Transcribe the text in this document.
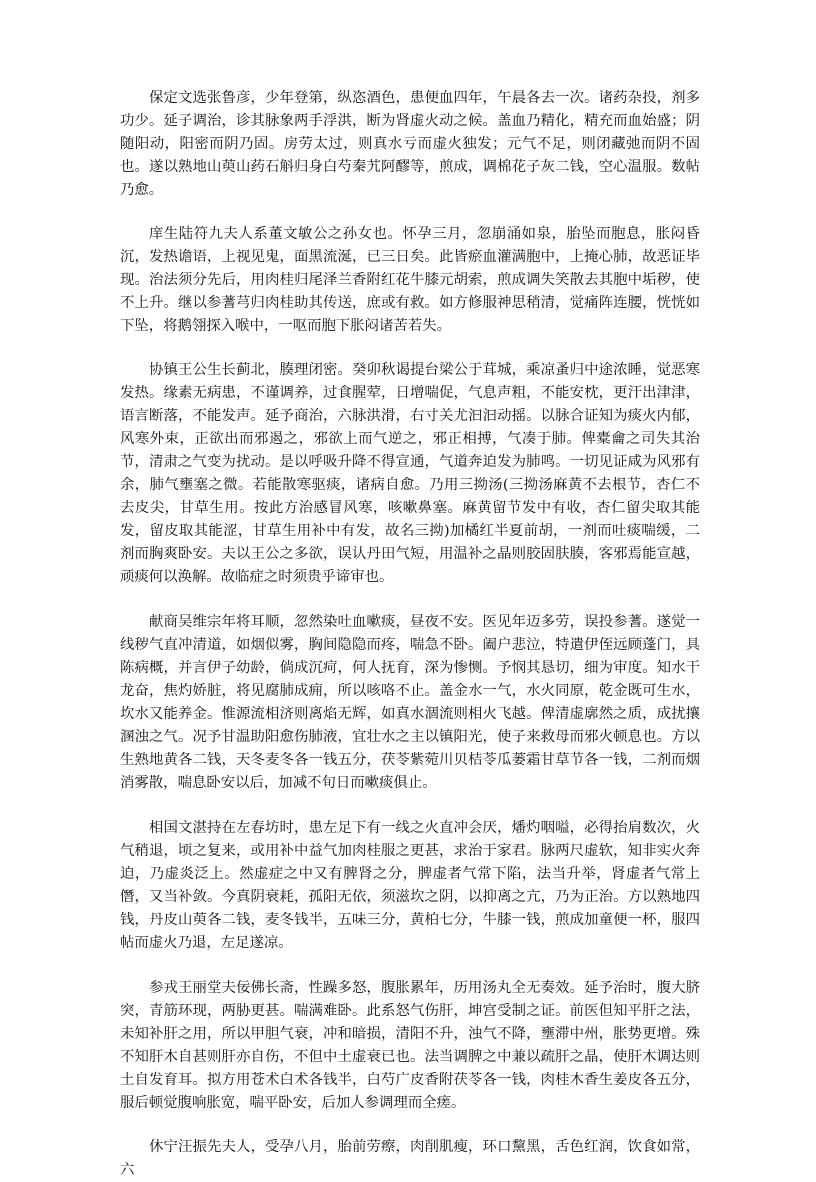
保定文选张鲁彦，少年登第，纵恣酒色，患便血四年，午晨各去一次。诸药杂投，剂多功少。延子调治，诊其脉象两手浮洪，断为肾虚火动之候。盖血乃精化，精充而血始盛；阴随阳动，阳密而阴乃固。房劳太过，则真水亏而虚火独发；元气不足，则闭藏弛而阴不固也。遂以熟地山萸山药石斛归身白芍秦艽阿醪等，煎成，调棉花子灰二钱，空心温服。数帖乃愈。

庠生陆符九夫人系董文敏公之孙女也。怀孕三月，忽崩涌如泉，胎坠而胞息，胀闷昏沉，发热谵语，上视见鬼，面黑流涎，已三日矣。此皆瘀血灌满胞中，上掩心肺，故恶证毕现。治法须分先后，用肉桂归尾泽兰香附红花牛膝元胡索，煎成调失笑散去其胞中垢秽，使不上升。继以参蓍芎归肉桂助其传送，庶或有救。如方修服神思稍清，觉痛阵连腰，恍恍如下坠，将鹅翎探入喉中，一呕而胞下胀闷诸苦若失。

协镇王公生长蓟北，腠理闭密。癸卯秋谒提台梁公于茸城，乘凉蚤归中途浓睡，觉恶寒发热。缘素无病患，不谨调养，过食腥荤，日增喘促，气息声粗，不能安枕，更汗出津津，语言断落，不能发声。延予商治，六脉洪滑，右寸关尤汩汩动摇。以脉合证知为痰火内郁，风寒外束，正欲出而邪遏之，邪欲上而气逆之，邪正相搏，气凑于肺。俾橐龠之司失其治节，清肃之气变为扰动。是以呼吸升降不得宣通，气道奔迫发为肺鸣。一切见证咸为风邪有余，肺气壅塞之微。若能散寒驱痰，诸病自愈。乃用三拗汤(三拗汤麻黄不去根节，杏仁不去皮尖，甘草生用。按此方治感冒风寒，咳嗽鼻塞。麻黄留节发中有收，杏仁留尖取其能发，留皮取其能涩，甘草生用补中有发，故名三拗)加橘红半夏前胡，一剂而吐痰喘缓，二剂而胸爽卧安。夫以王公之多欲，误认丹田气短，用温补之晶则胶固肤腠，客邪焉能宣越，顽痰何以涣解。故临症之时须贵乎谛审也。

献商吴维宗年将耳顺，忽然染吐血嗽痰，昼夜不安。医见年迈多劳，误投参蓍。遂觉一线秽气直冲清道，如烟似雾，胸间隐隐而疼，喘急不卧。阖户悲泣，特遣伊侄远顾蓬门，具陈病概，并言伊子幼龄，倘成沉疴，何人抚育，深为惨恻。予悯其恳切，细为审度。知水干龙奋，焦灼娇脏，将见腐肺成痈，所以咳咯不止。盖金水一气，水火同原，乾金既可生水，坎水又能养金。惟源流相济则离焰无辉，如真水涸流则相火飞越。俾清虚廓然之质，成扰攘溷浊之气。况予甘温助阳愈伤肺液，宜壮水之主以镇阳光，使子来救母而邪火顿息也。方以生熟地黄各二钱，天冬麦冬各一钱五分，茯苓紫菀川贝桔苓瓜蒌霜甘草节各一钱，二剂而烟消雾散，喘息卧安以后，加减不旬日而嗽痰俱止。

相国文湛持在左春坊时，患左足下有一线之火直冲会厌，燔灼咽嗌，必得抬肩数次，火气稍退，顷之复来，或用补中益气加肉桂服之更甚，求治于家君。脉两尺虚软，知非实火奔迫，乃虚炎泛上。然虚症之中又有脾肾之分，脾虚者气常下陷，法当升举，肾虚者气常上僭，又当补敛。今真阴衰耗，孤阳无依，须滋坎之阴，以抑离之亢，乃为正治。方以熟地四钱，丹皮山萸各二钱，麦冬钱半，五味三分，黄柏七分，牛膝一钱，煎成加童便一杯，服四帖而虚火乃退，左足遂凉。

参戎王丽堂夫佞佛长斋，性躁多怒，腹胀累年，历用汤丸全无奏效。延予治时，腹大脐突，青筋环现，两胁更甚。喘满难卧。此系怒气伤肝，坤宫受制之证。前医但知平肝之法，未知补肝之用，所以甲胆气衰，冲和暗损，清阳不升，浊气不降，壅滞中州，胀势更增。殊不知肝木自甚则肝亦自伤，不但中土虚衰已也。法当调脾之中兼以疏肝之晶，使肝木调达则土自发育耳。拟方用苍术白术各钱半，白芍广皮香附茯苓各一钱，肉桂木香生姜皮各五分，服后顿觉腹响胀宽，喘平卧安，后加人参调理而全瘥。

休宁汪振先夫人，受孕八月，胎前劳瘵，肉削肌瘦，环口黧黑，舌色红润，饮食如常，六
